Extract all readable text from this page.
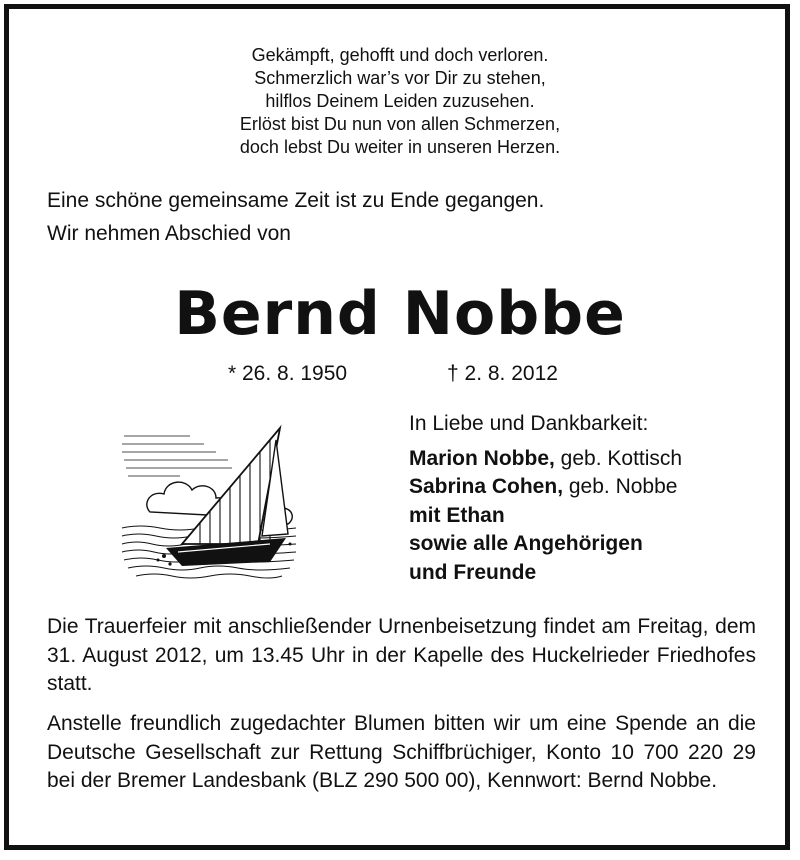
Gekämpft, gehofft und doch verloren.
Schmerzlich war’s vor Dir zu stehen,
hilflos Deinem Leiden zuzusehen.
Erlöst bist Du nun von allen Schmerzen,
doch lebst Du weiter in unseren Herzen.
Eine schöne gemeinsame Zeit ist zu Ende gegangen.
Wir nehmen Abschied von
Bernd Nobbe
* 26. 8. 1950	† 2. 8. 2012
In Liebe und Dankbarkeit:
Marion Nobbe, geb. Kottisch
Sabrina Cohen, geb. Nobbe
mit Ethan
sowie alle Angehörigen
und Freunde
Die Trauerfeier mit anschließender Urnenbeisetzung findet am Freitag, dem 31. August 2012, um 13.45 Uhr in der Kapelle des Huckelrieder Friedhofes statt.
Anstelle freundlich zugedachter Blumen bitten wir um eine Spende an die Deutsche Gesellschaft zur Rettung Schiffbrüchiger, Konto 10 700 220 29 bei der Bremer Landesbank (BLZ 290 500 00), Kennwort: Bernd Nobbe.
